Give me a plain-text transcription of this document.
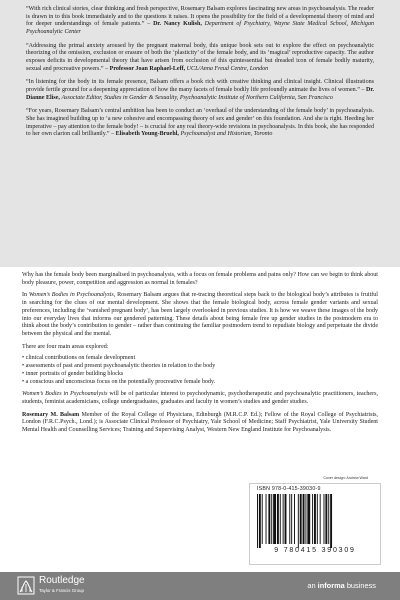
“With rich clinical stories, clear thinking and fresh perspective, Rosemary Balsam explores fascinating new areas in psychoanalysis. The reader is drawn in to this book immediately and to the questions it raises. It opens the possibility for the field of a developmental theory of mind and for deeper understandings of female patients.” – Dr. Nancy Kulish, Department of Psychiatry, Wayne State Medical School, Michigan Psychoanalytic Center

“Addressing the primal anxiety aroused by the pregnant maternal body, this unique book sets out to explore the effect on psychoanalytic theorizing of the omission, exclusion or erasure of both the ‘plasticity’ of the female body, and its ‘magical’ reproductive capacity. The author exposes deficits in developmental theory that have arisen from occlusion of this quintessential but dreaded icon of female bodily maturity, sexual and procreative powers.” – Professor Joan Raphael-Leff, UCL/Anna Freud Centre, London

“In listening for the body in its female presence, Balsam offers a book rich with creative thinking and clinical insight. Clinical illustrations provide fertile ground for a deepening appreciation of how the many facets of female bodily life profoundly animate the lives of women.” – Dr. Dianne Elise, Associate Editor, Studies in Gender & Sexuality, Psychoanalytic Institute of Northern California, San Francisco

“For years, Rosemary Balsam’s central ambition has been to conduct an ‘overhaul of the understanding of the female body’ in psychoanalysis. She has imagined building up to ‘a new cohesive and encompassing theory of sex and gender’ on this foundation. And she is right. Heeding her imperative – pay attention to the female body! – is crucial for any real theory-wide revisions in psychoanalysis. In this book, she has responded to her own clarion call brilliantly.” – Elisabeth Young-Bruehl, Psychoanalyst and Historian, Toronto

Why has the female body been marginalised in psychoanalysis, with a focus on female problems and pains only? How can we begin to think about body pleasure, power, competition and aggression as normal in females?

In Women’s Bodies in Psychoanalysis, Rosemary Balsam argues that re-tracing theoretical steps back to the biological body’s attributes is fruitful in searching for the clues of our mental development. She shows that the female biological body, across female gender variants and sexual preferences, including the ‘vanished pregnant body’, has been largely overlooked in previous studies. It is how we weave these images of the body into our everyday lives that informs our gendered patterning. These details about being female free up gender studies in the postmodern era to think about the body’s contribution to gender – rather than continuing the familiar postmodern trend to repudiate biology and perpetuate the divide between the physical and the mental.

There are four main areas explored:

• clinical contributions on female development
• assessments of past and present psychoanalytic theories in relation to the body
• inner portraits of gender building blocks
• a conscious and unconscious focus on the potentially procreative female body.

Women’s Bodies in Psychoanalysis will be of particular interest to psychodynamic, psychotherapeutic and psychoanalytic practitioners, teachers, students, feminist academicians, college undergraduates, graduates and faculty in women’s studies and gender studies.

Rosemary M. Balsam Member of the Royal College of Physicians, Edinburgh (M.R.C.P. Ed.); Fellow of the Royal College of Psychiatrists, London (F.R.C.Psych., Lond.); is Associate Clinical Professor of Psychiatry, Yale School of Medicine; Staff Psychiatrist, Yale University Student Mental Health and Counselling Services; Training and Supervising Analyst, Western New England Institute for Psychoanalysis.

Cover design: Andrew Ward
ISBN 978-0-415-39030-9
9 780415 390309
Routledge
Taylor & Francis Group
an informa business
